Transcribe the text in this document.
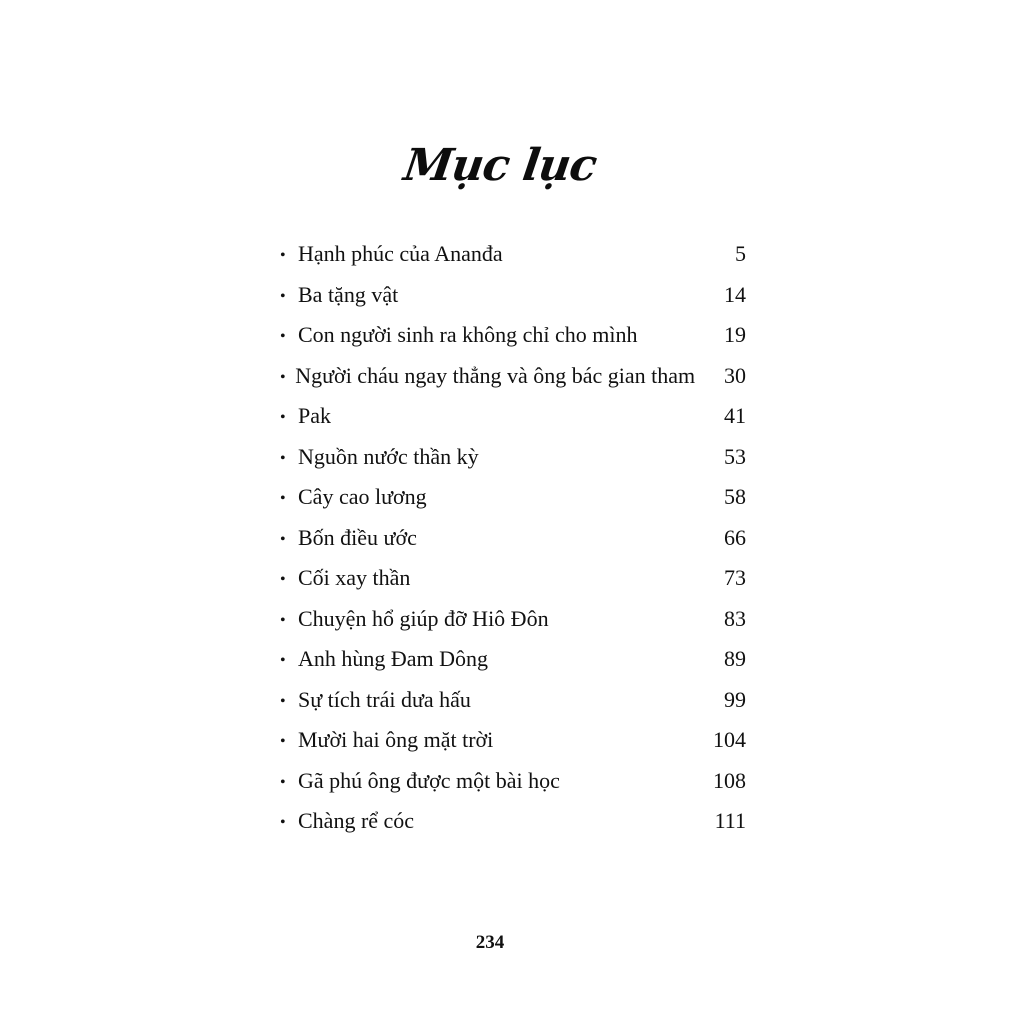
Mục lục
• Hạnh phúc của Ananđa	5
• Ba tặng vật	14
• Con người sinh ra không chỉ cho mình	19
• Người cháu ngay thẳng và ông bác gian tham	30
• Pak	41
• Nguồn nước thần kỳ	53
• Cây cao lương	58
• Bốn điều ước	66
• Cối xay thần	73
• Chuyện hổ giúp đỡ Hiô Đôn	83
• Anh hùng Đam Dông	89
• Sự tích trái dưa hấu	99
• Mười hai ông mặt trời	104
• Gã phú ông được một bài học	108
• Chàng rể cóc	111
234
